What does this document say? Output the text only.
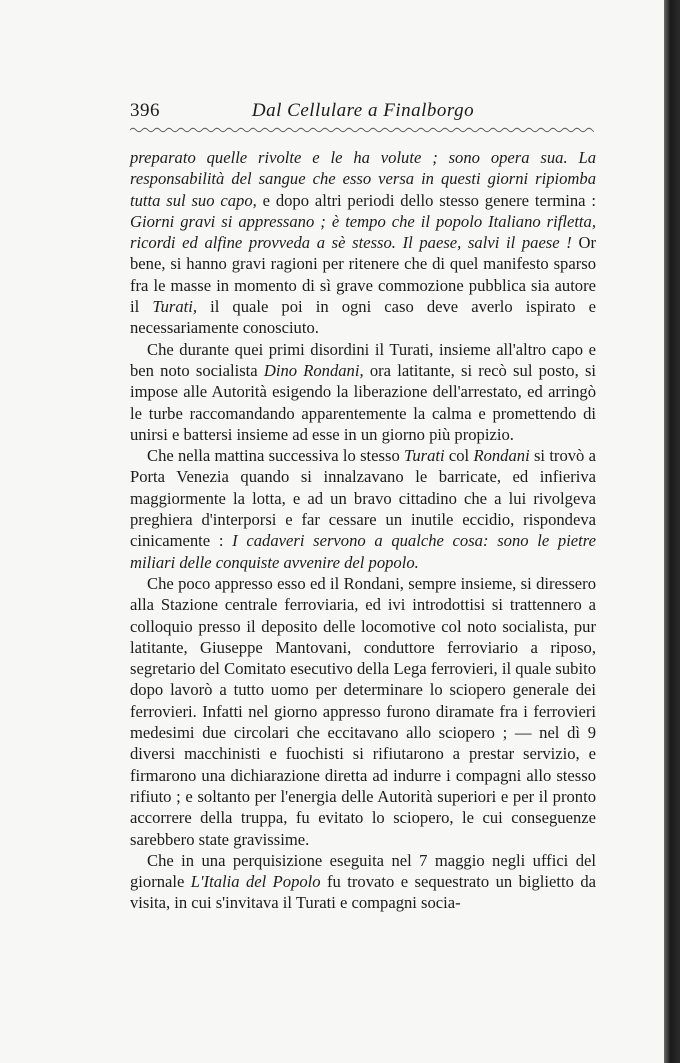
396	Dal Cellulare a Finalborgo

preparato quelle rivolte e le ha volute ; sono opera sua. La responsabilità del sangue che esso versa in questi giorni ripiomba tutta sul suo capo, e dopo altri periodi dello stesso genere termina : Giorni gravi si appressano ; è tempo che il popolo Italiano rifletta, ricordi ed alfine provveda a sè stesso. Il paese, salvi il paese ! Or bene, si hanno gravi ragioni per ritenere che di quel manifesto sparso fra le masse in momento di sì grave commozione pubblica sia autore il Turati, il quale poi in ogni caso deve averlo ispirato e necessariamente conosciuto.

Che durante quei primi disordini il Turati, insieme all'altro capo e ben noto socialista Dino Rondani, ora latitante, si recò sul posto, si impose alle Autorità esigendo la liberazione dell'arrestato, ed arringò le turbe raccomandando apparentemente la calma e promettendo di unirsi e battersi insieme ad esse in un giorno più propizio.

Che nella mattina successiva lo stesso Turati col Rondani si trovò a Porta Venezia quando si innalzavano le barricate, ed infieriva maggiormente la lotta, e ad un bravo cittadino che a lui rivolgeva preghiera d'interporsi e far cessare un inutile eccidio, rispondeva cinicamente : I cadaveri servono a qualche cosa: sono le pietre miliari delle conquiste avvenire del popolo.

Che poco appresso esso ed il Rondani, sempre insieme, si diressero alla Stazione centrale ferroviaria, ed ivi introdottisi si trattennero a colloquio presso il deposito delle locomotive col noto socialista, pur latitante, Giuseppe Mantovani, conduttore ferroviario a riposo, segretario del Comitato esecutivo della Lega ferrovieri, il quale subito dopo lavorò a tutto uomo per determinare lo sciopero generale dei ferrovieri. Infatti nel giorno appresso furono diramate fra i ferrovieri medesimi due circolari che eccitavano allo sciopero ; — nel dì 9 diversi macchinisti e fuochisti si rifiutarono a prestar servizio, e firmarono una dichiarazione diretta ad indurre i compagni allo stesso rifiuto ; e soltanto per l'energia delle Autorità superiori e per il pronto accorrere della truppa, fu evitato lo sciopero, le cui conseguenze sarebbero state gravissime.

Che in una perquisizione eseguita nel 7 maggio negli uffici del giornale L'Italia del Popolo fu trovato e sequestrato un biglietto da visita, in cui s'invitava il Turati e compagni socia-
